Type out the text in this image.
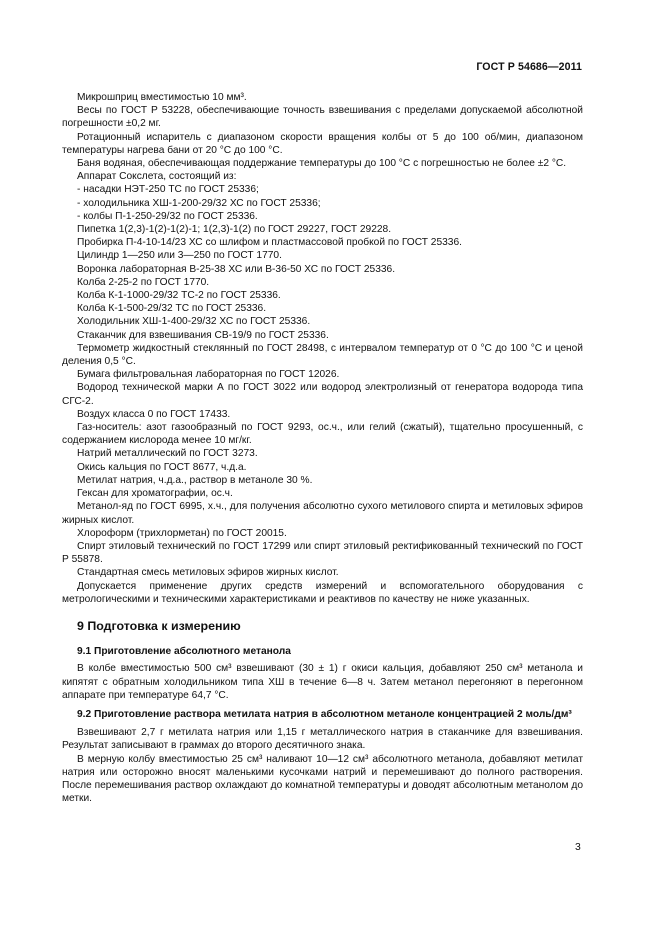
ГОСТ Р 54686—2011

Микрошприц вместимостью 10 мм³.

Весы по ГОСТ Р 53228, обеспечивающие точность взвешивания с пределами допускаемой абсолютной погрешности ±0,2 мг.

Ротационный испаритель с диапазоном скорости вращения колбы от 5 до 100 об/мин, диапазоном температуры нагрева бани от 20 °С до 100 °С.

Баня водяная, обеспечивающая поддержание температуры до 100 °С с погрешностью не более ±2 °С.

Аппарат Сокслета, состоящий из:

- насадки НЭТ-250 ТС по ГОСТ 25336;

- холодильника ХШ-1-200-29/32 ХС по ГОСТ 25336;

- колбы П-1-250-29/32 по ГОСТ 25336.

Пипетка 1(2,3)-1(2)-1(2)-1; 1(2,3)-1(2) по ГОСТ 29227, ГОСТ 29228.

Пробирка П-4-10-14/23 ХС со шлифом и пластмассовой пробкой по ГОСТ 25336.

Цилиндр 1—250 или 3—250 по ГОСТ 1770.

Воронка лабораторная В-25-38 ХС или В-36-50 ХС по ГОСТ 25336.

Колба 2-25-2 по ГОСТ 1770.

Колба К-1-1000-29/32 ТС-2 по ГОСТ 25336.

Колба К-1-500-29/32 ТС по ГОСТ 25336.

Холодильник ХШ-1-400-29/32 ХС по ГОСТ 25336.

Стаканчик для взвешивания СВ-19/9 по ГОСТ 25336.

Термометр жидкостный стеклянный по ГОСТ 28498, с интервалом температур от 0 °С до 100 °С и ценой деления 0,5 °С.

Бумага фильтровальная лабораторная по ГОСТ 12026.

Водород технической марки А по ГОСТ 3022 или водород электролизный от генератора водорода типа СГС-2.

Воздух класса 0 по ГОСТ 17433.

Газ-носитель: азот газообразный по ГОСТ 9293, ос.ч., или гелий (сжатый), тщательно просушенный, с содержанием кислорода менее 10 мг/кг.

Натрий металлический по ГОСТ 3273.

Окись кальция по ГОСТ 8677, ч.д.а.

Метилат натрия, ч.д.а., раствор в метаноле 30 %.

Гексан для хроматографии, ос.ч.

Метанол-яд по ГОСТ 6995, х.ч., для получения абсолютно сухого метилового спирта и метиловых эфиров жирных кислот.

Хлороформ (трихлорметан) по ГОСТ 20015.

Спирт этиловый технический по ГОСТ 17299 или спирт этиловый ректификованный технический по ГОСТ Р 55878.

Стандартная смесь метиловых эфиров жирных кислот.

Допускается применение других средств измерений и вспомогательного оборудования с метрологическими и техническими характеристиками и реактивов по качеству не ниже указанных.

9 Подготовка к измерению
9.1 Приготовление абсолютного метанола

В колбе вместимостью 500 см³ взвешивают (30 ± 1) г окиси кальция, добавляют 250 см³ метанола и кипятят с обратным холодильником типа ХШ в течение 6—8 ч. Затем метанол перегоняют в перегонном аппарате при температуре 64,7 °С.

9.2 Приготовление раствора метилата натрия в абсолютном метаноле концентрацией 2 моль/дм³

Взвешивают 2,7 г метилата натрия или 1,15 г металлического натрия в стаканчике для взвешивания. Результат записывают в граммах до второго десятичного знака.

В мерную колбу вместимостью 25 см³ наливают 10—12 см³ абсолютного метанола, добавляют метилат натрия или осторожно вносят маленькими кусочками натрий и перемешивают до полного растворения. После перемешивания раствор охлаждают до комнатной температуры и доводят абсолютным метанолом до метки.

3
